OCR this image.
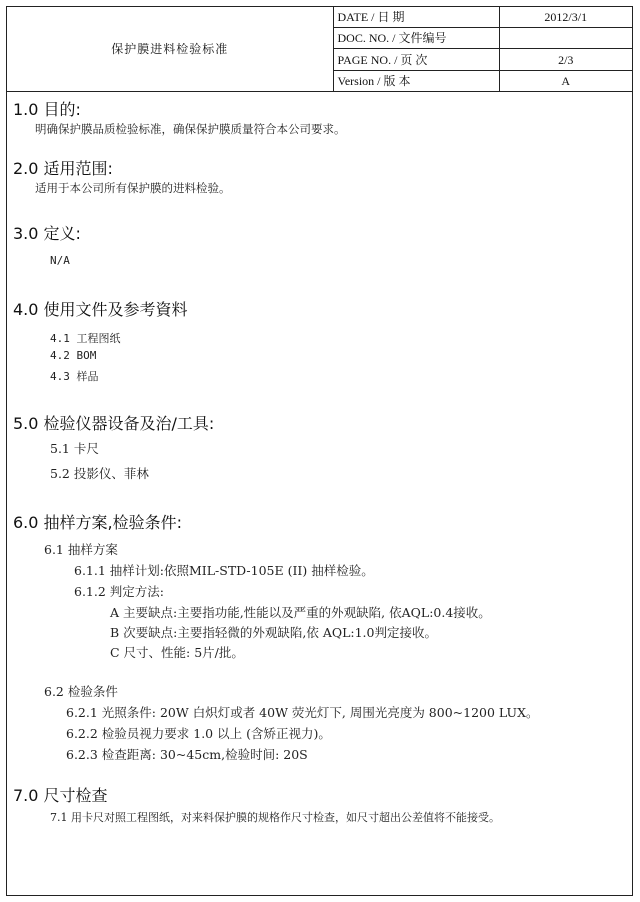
保护膜进料检验标准	DATE / 日 期	2012/3/1
	DOC. NO. / 文件编号	
	PAGE NO. / 页 次	2/3
	Version / 版 本	A
1.0 目的:
明确保护膜品质检验标准，确保保护膜质量符合本公司要求。
2.0 适用范围:
适用于本公司所有保护膜的进料检验。
3.0 定义:
N/A
4.0 使用文件及参考資料
4.1 工程图纸
4.2 BOM
4.3 样品
5.0 检验仪器设备及治/工具:
5.1 卡尺
5.2 投影仪、菲林
6.0 抽样方案,检验条件:
6.1 抽样方案
6.1.1 抽样计划:依照MIL-STD-105E (II) 抽样检验。
6.1.2 判定方法:
A 主要缺点:主要指功能,性能以及严重的外观缺陷, 依AQL:0.4接收。
B 次要缺点:主要指轻微的外观缺陷,依 AQL:1.0判定接收。
C 尺寸、性能: 5片/批。
6.2 检验条件
6.2.1 光照条件: 20W 白炽灯或者 40W 荧光灯下, 周围光亮度为 800~1200 LUX。
6.2.2 检验员视力要求 1.0 以上 (含矫正视力)。
6.2.3 检查距离: 30~45cm,检验时间: 20S
7.0 尺寸检查
7.1 用卡尺对照工程图纸，对来料保护膜的规格作尺寸检查，如尺寸超出公差值将不能接受。
